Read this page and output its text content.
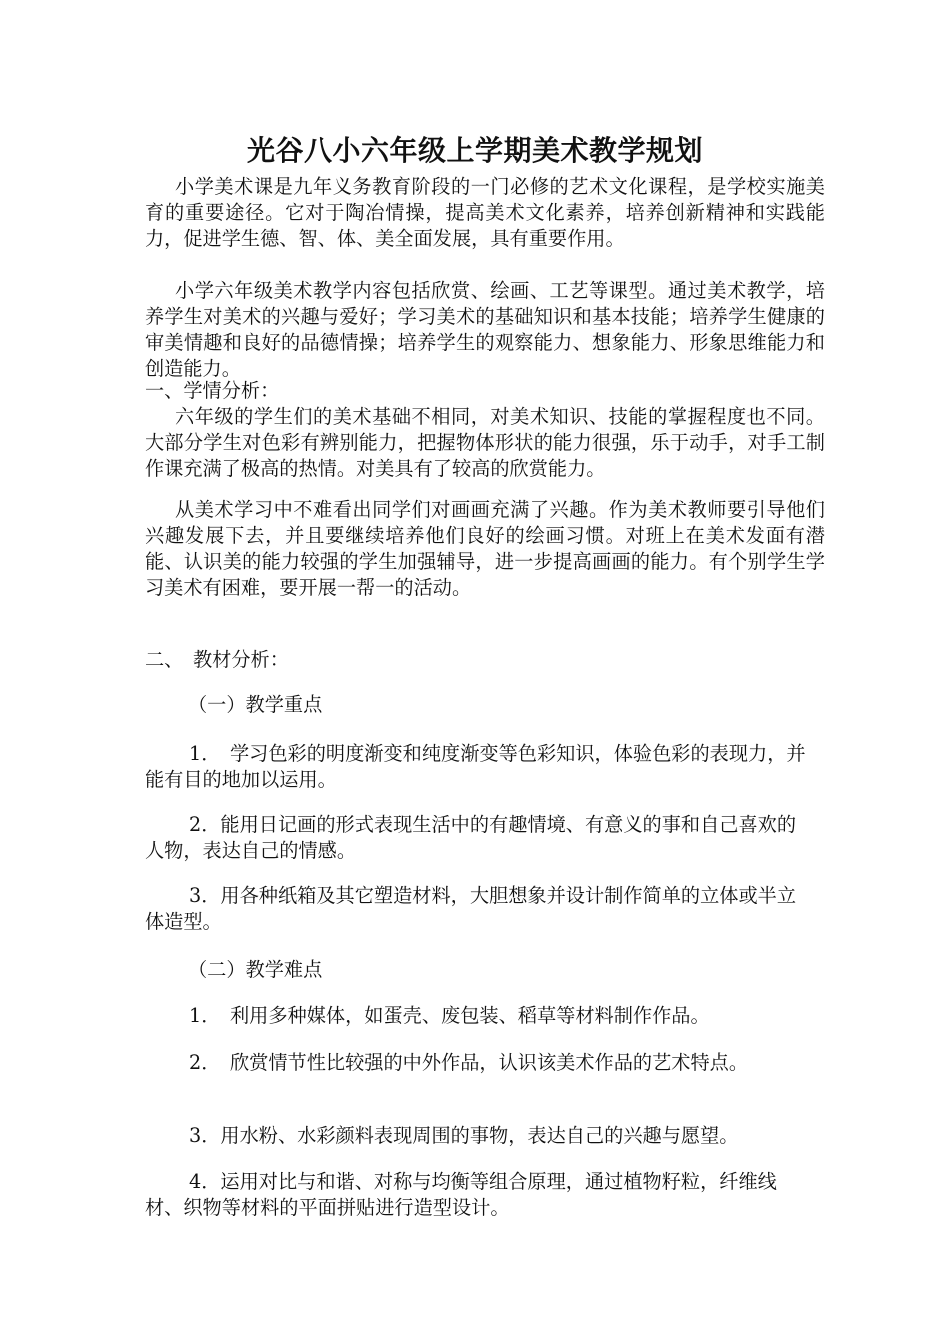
光谷八小六年级上学期美术教学规划
小学美术课是九年义务教育阶段的一门必修的艺术文化课程，是学校实施美育的重要途径。它对于陶冶情操，提高美术文化素养，培养创新精神和实践能力，促进学生德、智、体、美全面发展，具有重要作用。
小学六年级美术教学内容包括欣赏、绘画、工艺等课型。通过美术教学，培养学生对美术的兴趣与爱好；学习美术的基础知识和基本技能；培养学生健康的审美情趣和良好的品德情操；培养学生的观察能力、想象能力、形象思维能力和创造能力。
一、学情分析：
六年级的学生们的美术基础不相同，对美术知识、技能的掌握程度也不同。大部分学生对色彩有辨别能力，把握物体形状的能力很强，乐于动手，对手工制作课充满了极高的热情。对美具有了较高的欣赏能力。
从美术学习中不难看出同学们对画画充满了兴趣。作为美术教师要引导他们兴趣发展下去，并且要继续培养他们良好的绘画习惯。对班上在美术发面有潜能、认识美的能力较强的学生加强辅导，进一步提高画画的能力。有个别学生学习美术有困难，要开展一帮一的活动。
二、　教材分析：
（一）教学重点
1．　学习色彩的明度渐变和纯度渐变等色彩知识，体验色彩的表现力，并能有目的地加以运用。
2．能用日记画的形式表现生活中的有趣情境、有意义的事和自己喜欢的人物，表达自己的情感。
3．用各种纸箱及其它塑造材料，大胆想象并设计制作简单的立体或半立体造型。
（二）教学难点
1．　利用多种媒体，如蛋壳、废包装、稻草等材料制作作品。
2．　欣赏情节性比较强的中外作品，认识该美术作品的艺术特点。
3．用水粉、水彩颜料表现周围的事物，表达自己的兴趣与愿望。
4．运用对比与和谐、对称与均衡等组合原理，通过植物籽粒，纤维线材、织物等材料的平面拼贴进行造型设计。
